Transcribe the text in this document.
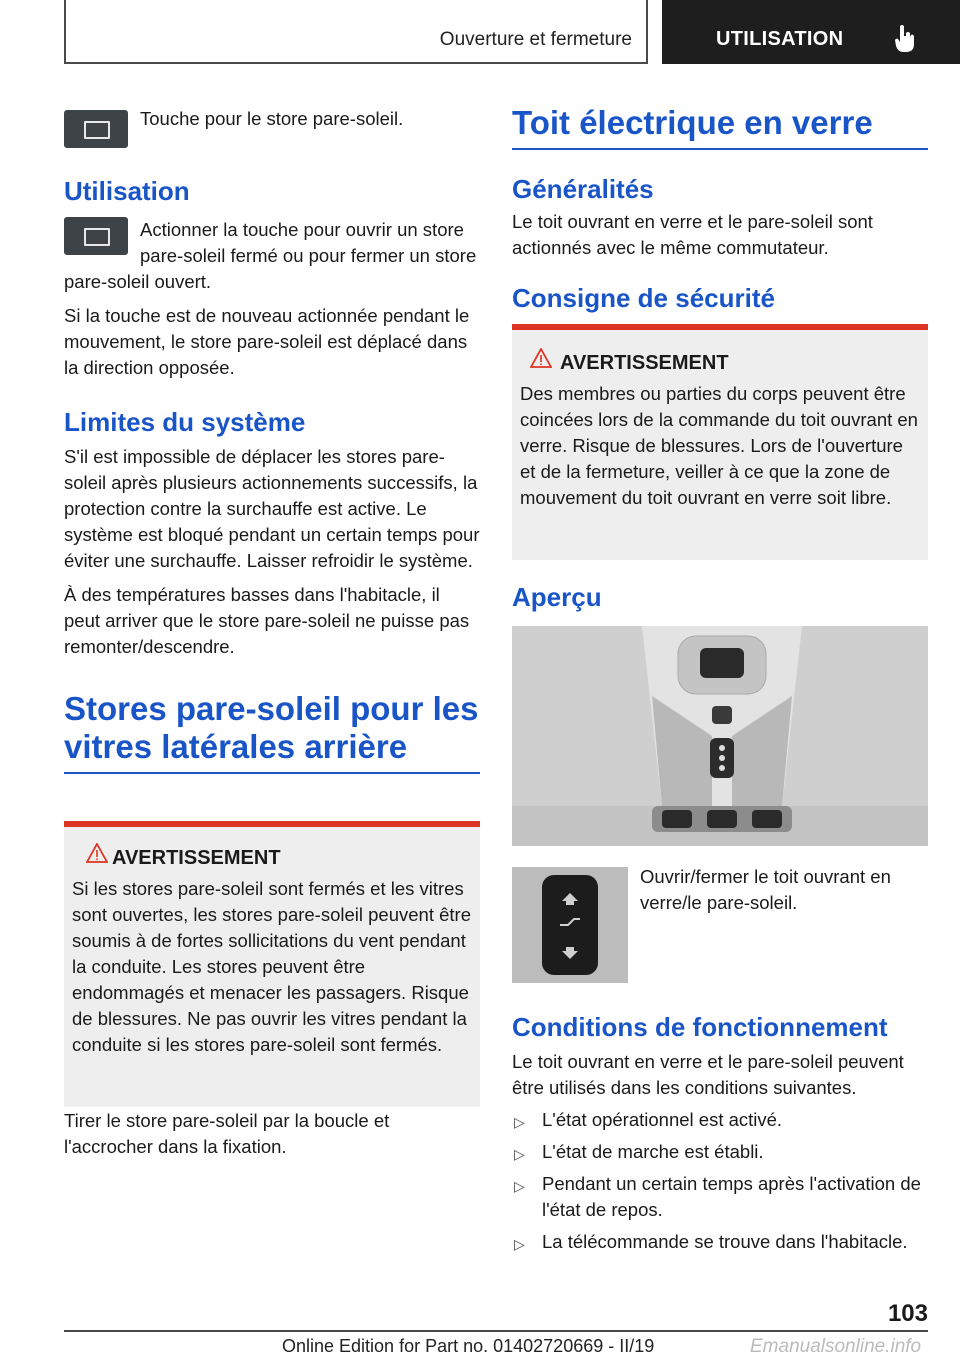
Ouverture et fermeture	UTILISATION
Touche pour le store pare-soleil.
Utilisation
Actionner la touche pour ouvrir un store pare-soleil fermé ou pour fermer un store pare-soleil ouvert.
Si la touche est de nouveau actionnée pendant le mouvement, le store pare-soleil est déplacé dans la direction opposée.
Limites du système
S'il est impossible de déplacer les stores pare-soleil après plusieurs actionnements successifs, la protection contre la surchauffe est active. Le système est bloqué pendant un certain temps pour éviter une surchauffe. Laisser refroidir le système.
À des températures basses dans l'habitacle, il peut arriver que le store pare-soleil ne puisse pas remonter/descendre.
Stores pare-soleil pour les vitres latérales arrière
AVERTISSEMENT
Si les stores pare-soleil sont fermés et les vitres sont ouvertes, les stores pare-soleil peuvent être soumis à de fortes sollicitations du vent pendant la conduite. Les stores peuvent être endommagés et menacer les passagers. Risque de blessures. Ne pas ouvrir les vitres pendant la conduite si les stores pare-soleil sont fermés.
Tirer le store pare-soleil par la boucle et l'accrocher dans la fixation.
Toit électrique en verre
Généralités
Le toit ouvrant en verre et le pare-soleil sont actionnés avec le même commutateur.
Consigne de sécurité
AVERTISSEMENT
Des membres ou parties du corps peuvent être coincées lors de la commande du toit ouvrant en verre. Risque de blessures. Lors de l'ouverture et de la fermeture, veiller à ce que la zone de mouvement du toit ouvrant en verre soit libre.
Aperçu
Ouvrir/fermer le toit ouvrant en verre/le pare-soleil.
Conditions de fonctionnement
Le toit ouvrant en verre et le pare-soleil peuvent être utilisés dans les conditions suivantes.
▷ L'état opérationnel est activé.
▷ L'état de marche est établi.
▷ Pendant un certain temps après l'activation de l'état de repos.
▷ La télécommande se trouve dans l'habitacle.
103
Online Edition for Part no. 01402720669 - II/19	Emanualsonline.info
